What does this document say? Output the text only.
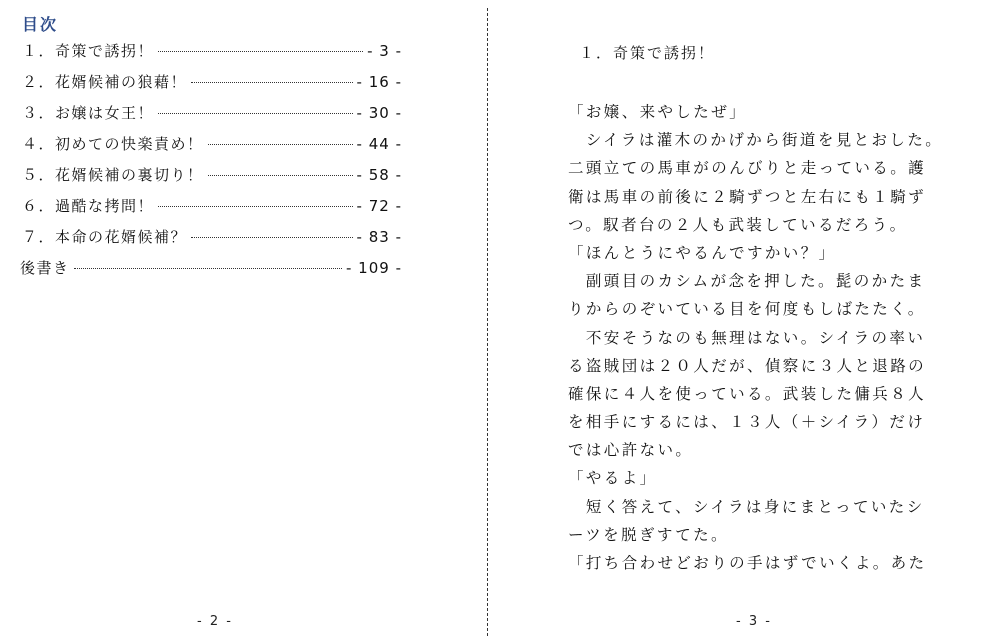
目次
１．奇策で誘拐！	- 3 -
２．花婿候補の狼藉！	- 16 -
３．お嬢は女王！	- 30 -
４．初めての快楽責め！	- 44 -
５．花婿候補の裏切り！	- 58 -
６．過酷な拷問！	- 72 -
７．本命の花婿候補？	- 83 -
後書き	- 109 -
- 2 -
１．奇策で誘拐！
「お嬢、来やしたぜ」
　シイラは灌木のかげから街道を見とおした。
二頭立ての馬車がのんびりと走っている。護
衛は馬車の前後に２騎ずつと左右にも１騎ず
つ。馭者台の２人も武装しているだろう。
「ほんとうにやるんですかい？」
　副頭目のカシムが念を押した。髭のかたま
りからのぞいている目を何度もしばたたく。
　不安そうなのも無理はない。シイラの率い
る盗賊団は２０人だが、偵察に３人と退路の
確保に４人を使っている。武装した傭兵８人
を相手にするには、１３人（＋シイラ）だけ
では心許ない。
「やるよ」
　短く答えて、シイラは身にまとっていたシ
ーツを脱ぎすてた。
「打ち合わせどおりの手はずでいくよ。あた
- 3 -
